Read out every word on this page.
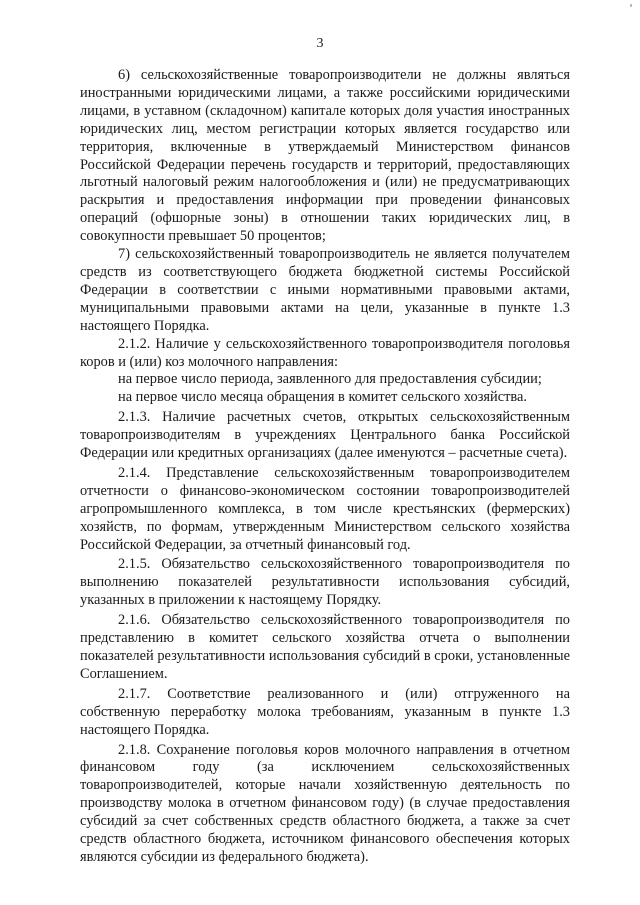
3

6) сельскохозяйственные товаропроизводители не должны являться иностранными юридическими лицами, а также российскими юридическими лицами, в уставном (складочном) капитале которых доля участия иностранных юридических лиц, местом регистрации которых является государство или территория, включенные в утверждаемый Министерством финансов Российской Федерации перечень государств и территорий, предоставляющих льготный налоговый режим налогообложения и (или) не предусматривающих раскрытия и предоставления информации при проведении финансовых операций (офшорные зоны) в отношении таких юридических лиц, в совокупности превышает 50 процентов;

7) сельскохозяйственный товаропроизводитель не является получателем средств из соответствующего бюджета бюджетной системы Российской Федерации в соответствии с иными нормативными правовыми актами, муниципальными правовыми актами на цели, указанные в пункте 1.3 настоящего Порядка.

2.1.2. Наличие у сельскохозяйственного товаропроизводителя поголовья коров и (или) коз молочного направления:

на первое число периода, заявленного для предоставления субсидии;

на первое число месяца обращения в комитет сельского хозяйства.

2.1.3. Наличие расчетных счетов, открытых сельскохозяйственным товаропроизводителям в учреждениях Центрального банка Российской Федерации или кредитных организациях (далее именуются – расчетные счета).

2.1.4. Представление сельскохозяйственным товаропроизводителем отчетности о финансово-экономическом состоянии товаропроизводителей агропромышленного комплекса, в том числе крестьянских (фермерских) хозяйств, по формам, утвержденным Министерством сельского хозяйства Российской Федерации, за отчетный финансовый год.

2.1.5. Обязательство сельскохозяйственного товаропроизводителя по выполнению показателей результативности использования субсидий, указанных в приложении к настоящему Порядку.

2.1.6. Обязательство сельскохозяйственного товаропроизводителя по представлению в комитет сельского хозяйства отчета о выполнении показателей результативности использования субсидий в сроки, установленные Соглашением.

2.1.7. Соответствие реализованного и (или) отгруженного на собственную переработку молока требованиям, указанным в пункте 1.3 настоящего Порядка.

2.1.8. Сохранение поголовья коров молочного направления в отчетном финансовом году (за исключением сельскохозяйственных товаропроизводителей, которые начали хозяйственную деятельность по производству молока в отчетном финансовом году) (в случае предоставления субсидий за счет собственных средств областного бюджета, а также за счет средств областного бюджета, источником финансового обеспечения которых являются субсидии из федерального бюджета).
